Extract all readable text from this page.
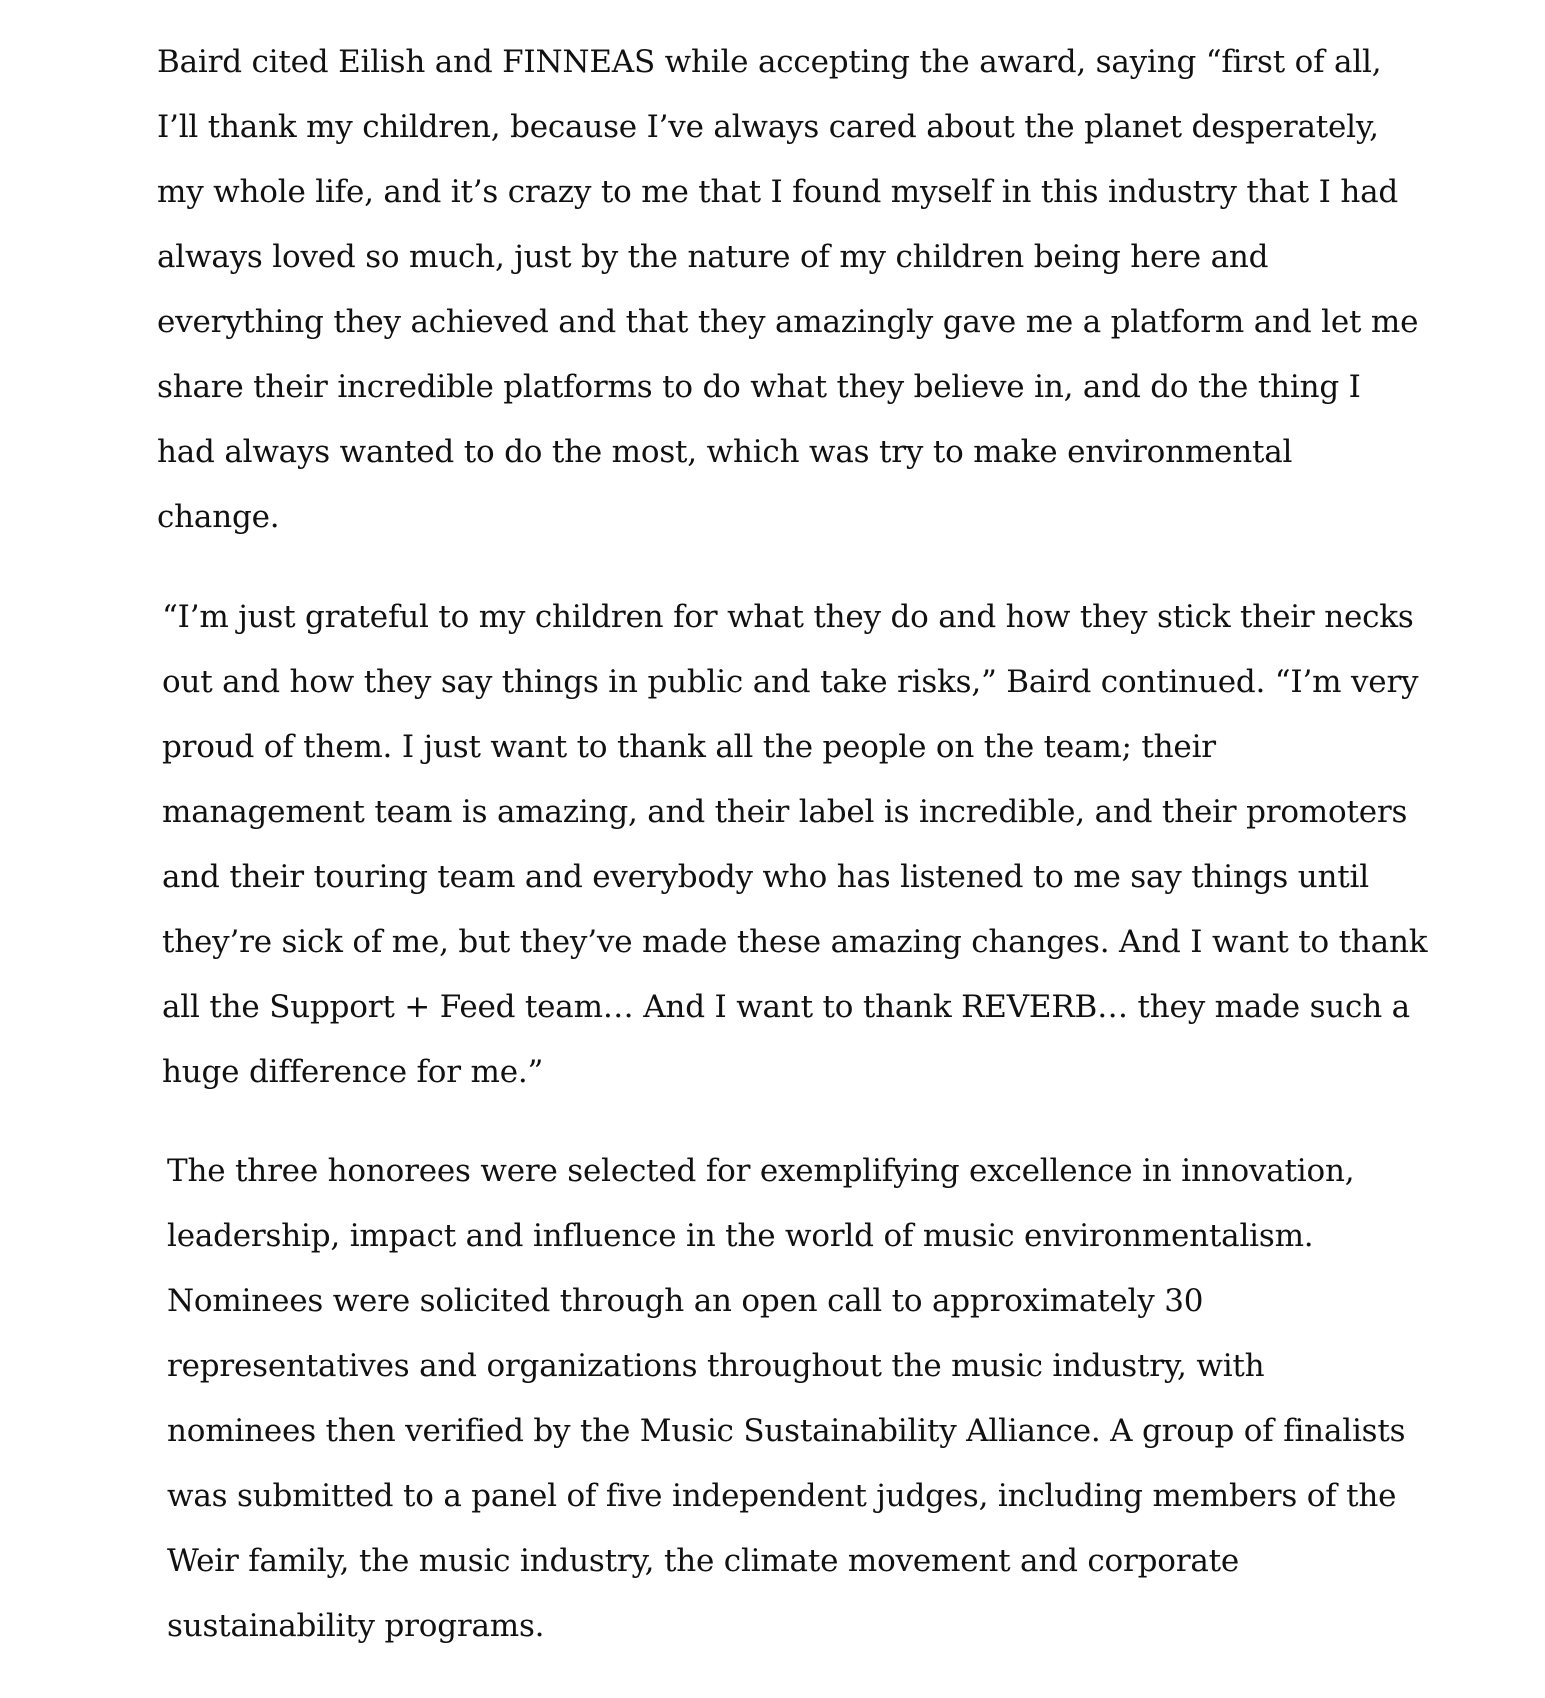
Baird cited Eilish and FINNEAS while accepting the award, saying “first of all,
I’ll thank my children, because I’ve always cared about the planet desperately,
my whole life, and it’s crazy to me that I found myself in this industry that I had
always loved so much, just by the nature of my children being here and
everything they achieved and that they amazingly gave me a platform and let me
share their incredible platforms to do what they believe in, and do the thing I
had always wanted to do the most, which was try to make environmental
change.

“I’m just grateful to my children for what they do and how they stick their necks
out and how they say things in public and take risks,” Baird continued. “I’m very
proud of them. I just want to thank all the people on the team; their
management team is amazing, and their label is incredible, and their promoters
and their touring team and everybody who has listened to me say things until
they’re sick of me, but they’ve made these amazing changes. And I want to thank
all the Support + Feed team… And I want to thank REVERB… they made such a
huge difference for me.”

The three honorees were selected for exemplifying excellence in innovation,
leadership, impact and influence in the world of music environmentalism.
Nominees were solicited through an open call to approximately 30
representatives and organizations throughout the music industry, with
nominees then verified by the Music Sustainability Alliance. A group of finalists
was submitted to a panel of five independent judges, including members of the
Weir family, the music industry, the climate movement and corporate
sustainability programs.
